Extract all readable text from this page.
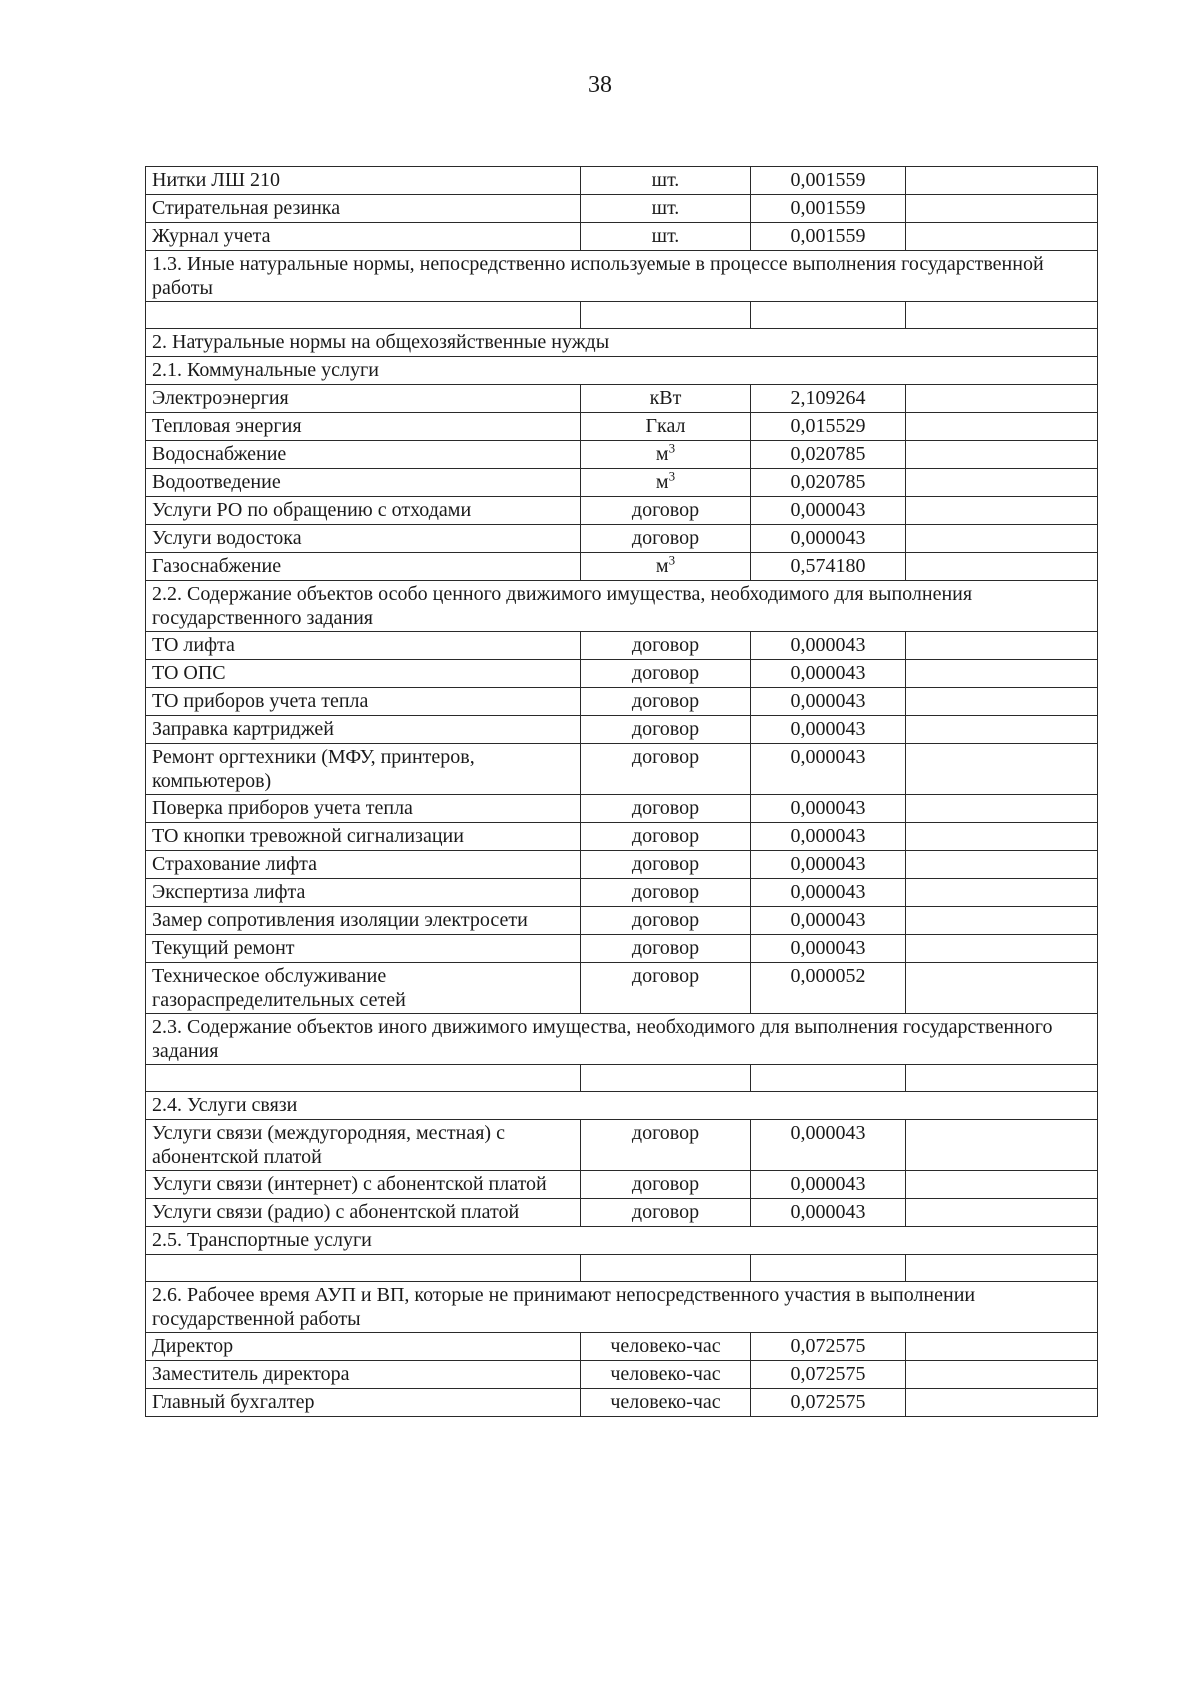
38
Нитки ЛШ 210	шт.	0,001559	
Стирательная резинка	шт.	0,001559	
Журнал учета	шт.	0,001559	
1.3. Иные натуральные нормы, непосредственно используемые в процессе выполнения государственной работы			

2. Натуральные нормы на общехозяйственные нужды			
2.1. Коммунальные услуги			
Электроэнергия	кВт	2,109264	
Тепловая энергия	Гкал	0,015529	
Водоснабжение	$м^3$	0,020785	
Водоотведение	$м^3$	0,020785	
Услуги РО по обращению с отходами	договор	0,000043	
Услуги водостока	договор	0,000043	
Газоснабжение	$м^3$	0,574180	
2.2. Содержание объектов особо ценного движимого имущества, необходимого для выполнения государственного задания			
ТО лифта	договор	0,000043	
ТО ОПС	договор	0,000043	
ТО приборов учета тепла	договор	0,000043	
Заправка картриджей	договор	0,000043	
Ремонт оргтехники (МФУ, принтеров, компьютеров)	договор	0,000043	
Поверка приборов учета тепла	договор	0,000043	
ТО кнопки тревожной сигнализации	договор	0,000043	
Страхование лифта	договор	0,000043	
Экспертиза лифта	договор	0,000043	
Замер сопротивления изоляции электросети	договор	0,000043	
Текущий ремонт	договор	0,000043	
Техническое обслуживание газораспределительных сетей	договор	0,000052	
2.3. Содержание объектов иного движимого имущества, необходимого для выполнения государственного задания			

2.4. Услуги связи			
Услуги связи (междугородняя, местная) с абонентской платой	договор	0,000043	
Услуги связи (интернет) с абонентской платой	договор	0,000043	
Услуги связи (радио) с абонентской платой	договор	0,000043	
2.5. Транспортные услуги			

2.6. Рабочее время АУП и ВП, которые не принимают непосредственного участия в выполнении государственной работы			
Директор	человеко-час	0,072575	
Заместитель директора	человеко-час	0,072575	
Главный бухгалтер	человеко-час	0,072575	
